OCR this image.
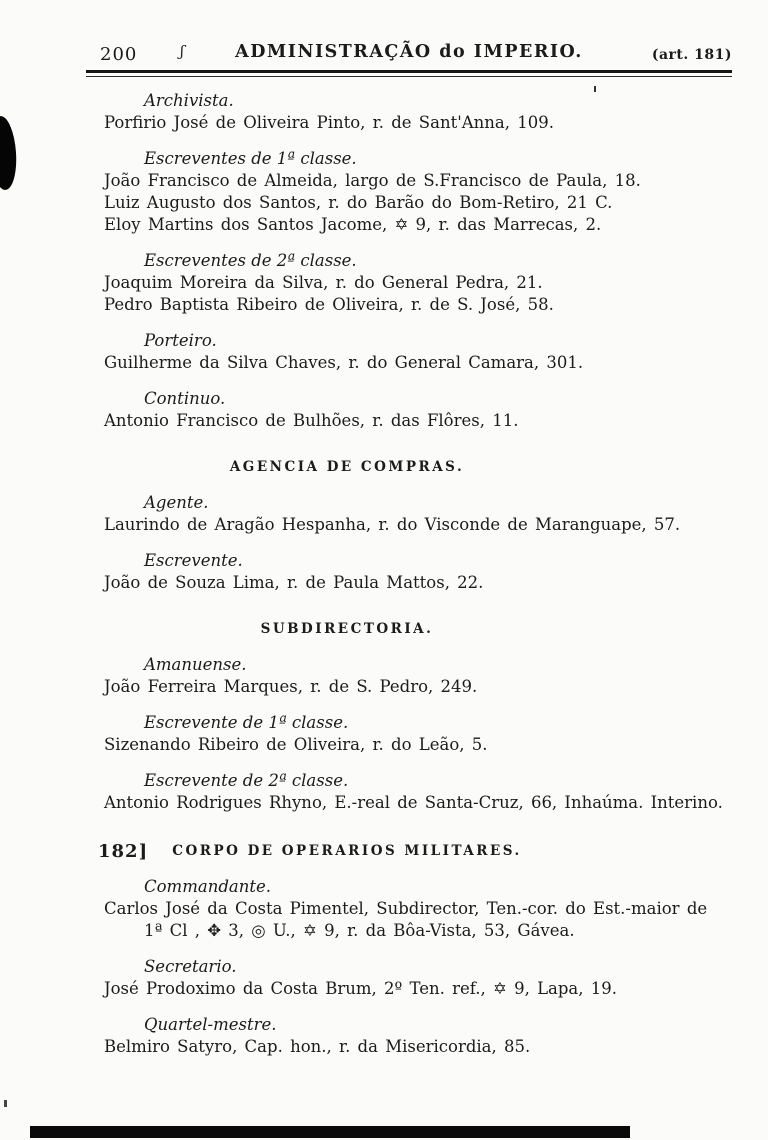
200	ʃ	ADMINISTRAÇÃO do IMPERIO.	(art. 181)
Archivista.
Porfirio José de Oliveira Pinto, r. de Sant'Anna, 109.
Escreventes de 1ª classe.
João Francisco de Almeida, largo de S.Francisco de Paula, 18.
Luiz Augusto dos Santos, r. do Barão do Bom-Retiro, 21 C.
Eloy Martins dos Santos Jacome, ✡ 9, r. das Marrecas, 2.
Escreventes de 2ª classe.
Joaquim Moreira da Silva, r. do General Pedra, 21.
Pedro Baptista Ribeiro de Oliveira, r. de S. José, 58.
Porteiro.
Guilherme da Silva Chaves, r. do General Camara, 301.
Continuo.
Antonio Francisco de Bulhões, r. das Flôres, 11.
AGENCIA DE COMPRAS.
Agente.
Laurindo de Aragão Hespanha, r. do Visconde de Maranguape, 57.
Escrevente.
João de Souza Lima, r. de Paula Mattos, 22.
SUBDIRECTORIA.
Amanuense.
João Ferreira Marques, r. de S. Pedro, 249.
Escrevente de 1ª classe.
Sizenando Ribeiro de Oliveira, r. do Leão, 5.
Escrevente de 2ª classe.
Antonio Rodrigues Rhyno, E.-real de Santa-Cruz, 66, Inhaúma. Interino.
182]	CORPO DE OPERARIOS MILITARES.
Commandante.
Carlos José da Costa Pimentel, Subdirector, Ten.-cor. do Est.-maior de
1ª Cl , ✥ 3, ◎ U., ✡ 9, r. da Bôa-Vista, 53, Gávea.
Secretario.
José Prodoximo da Costa Brum, 2º Ten. ref., ✡ 9, Lapa, 19.
Quartel-mestre.
Belmiro Satyro, Cap. hon., r. da Misericordia, 85.
